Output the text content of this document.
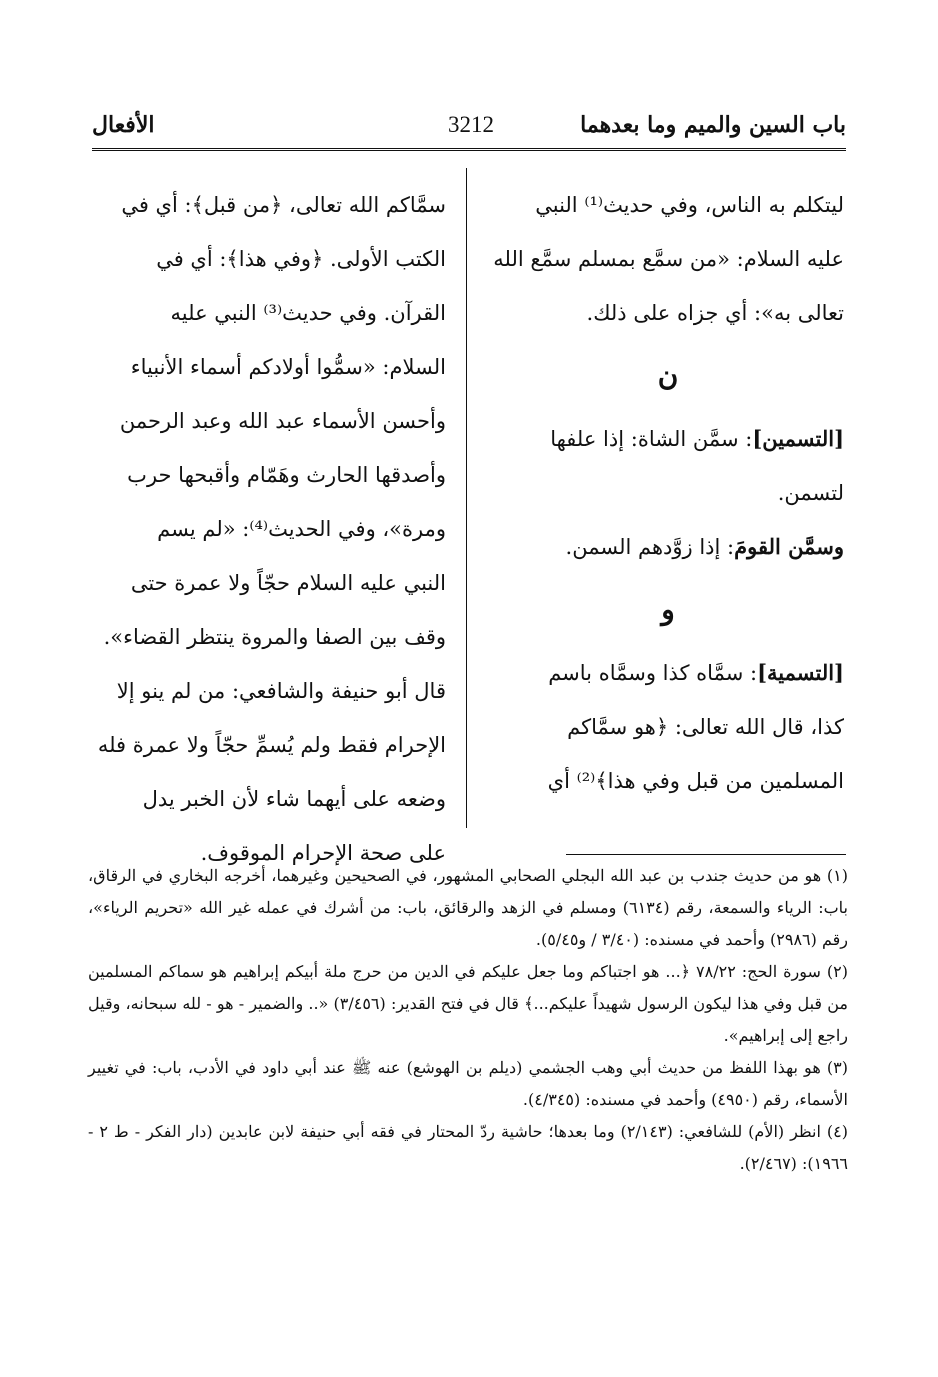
باب السين والميم وما بعدهما
3212
الأفعال
ليتكلم به الناس، وفي حديث⁽¹⁾ النبي
عليه السلام: «من سمَّع بمسلم سمَّع الله
تعالى به»: أي جزاه على ذلك.
ن
[التسمين]: سمَّن الشاة: إذا علفها
لتسمن.
وسمَّن القومَ: إذا زوَّدهم السمن.
و
[التسمية]: سمَّاه كذا وسمَّاه باسم
كذا، قال الله تعالى: ﴿هو سمَّاكم
المسلمين من قبل وفي هذا﴾⁽²⁾ أي
سمَّاكم الله تعالى، ﴿من قبل﴾: أي في
الكتب الأولى. ﴿وفي هذا﴾: أي في
القرآن. وفي حديث⁽³⁾ النبي عليه
السلام: «سمُّوا أولادكم أسماء الأنبياء
وأحسن الأسماء عبد الله وعبد الرحمن
وأصدقها الحارث وهَمّام وأقبحها حرب
ومرة»، وفي الحديث⁽⁴⁾: «لم يسم
النبي عليه السلام حجّاً ولا عمرة حتى
وقف بين الصفا والمروة ينتظر القضاء».
قال أبو حنيفة والشافعي: من لم ينو إلا
الإحرام فقط ولم يُسمِّ حجّاً ولا عمرة فله
وضعه على أيهما شاء لأن الخبر يدل
على صحة الإحرام الموقوف.

(١) هو من حديث جندب بن عبد الله البجلي الصحابي المشهور، في الصحيحين وغيرهما، أخرجه البخاري في الرقاق، باب: الرياء والسمعة، رقم (٦١٣٤) ومسلم في الزهد والرقائق، باب: من أشرك في عمله غير الله «تحريم الرياء»، رقم (٢٩٨٦) وأحمد في مسنده: (٣/٤٠ / و٥/٤٥).

(٢) سورة الحج: ٧٨/٢٢ ﴿... هو اجتباكم وما جعل عليكم في الدين من حرج ملة أبيكم إبراهيم هو سماكم المسلمين من قبل وفي هذا ليكون الرسول شهيداً عليكم...﴾ قال في فتح القدير: (٣/٤٥٦) «.. والضمير - هو - لله سبحانه، وقيل راجع إلى إبراهيم».

(٣) هو بهذا اللفظ من حديث أبي وهب الجشمي (ديلم بن الهوشع) عنه ﷺ عند أبي داود في الأدب، باب: في تغيير الأسماء، رقم (٤٩٥٠) وأحمد في مسنده: (٤/٣٤٥).

(٤) انظر (الأم) للشافعي: (٢/١٤٣) وما بعدها؛ حاشية ردّ المحتار في فقه أبي حنيفة لابن عابدين (دار الفكر - ط ٢ - ١٩٦٦): (٢/٤٦٧).
